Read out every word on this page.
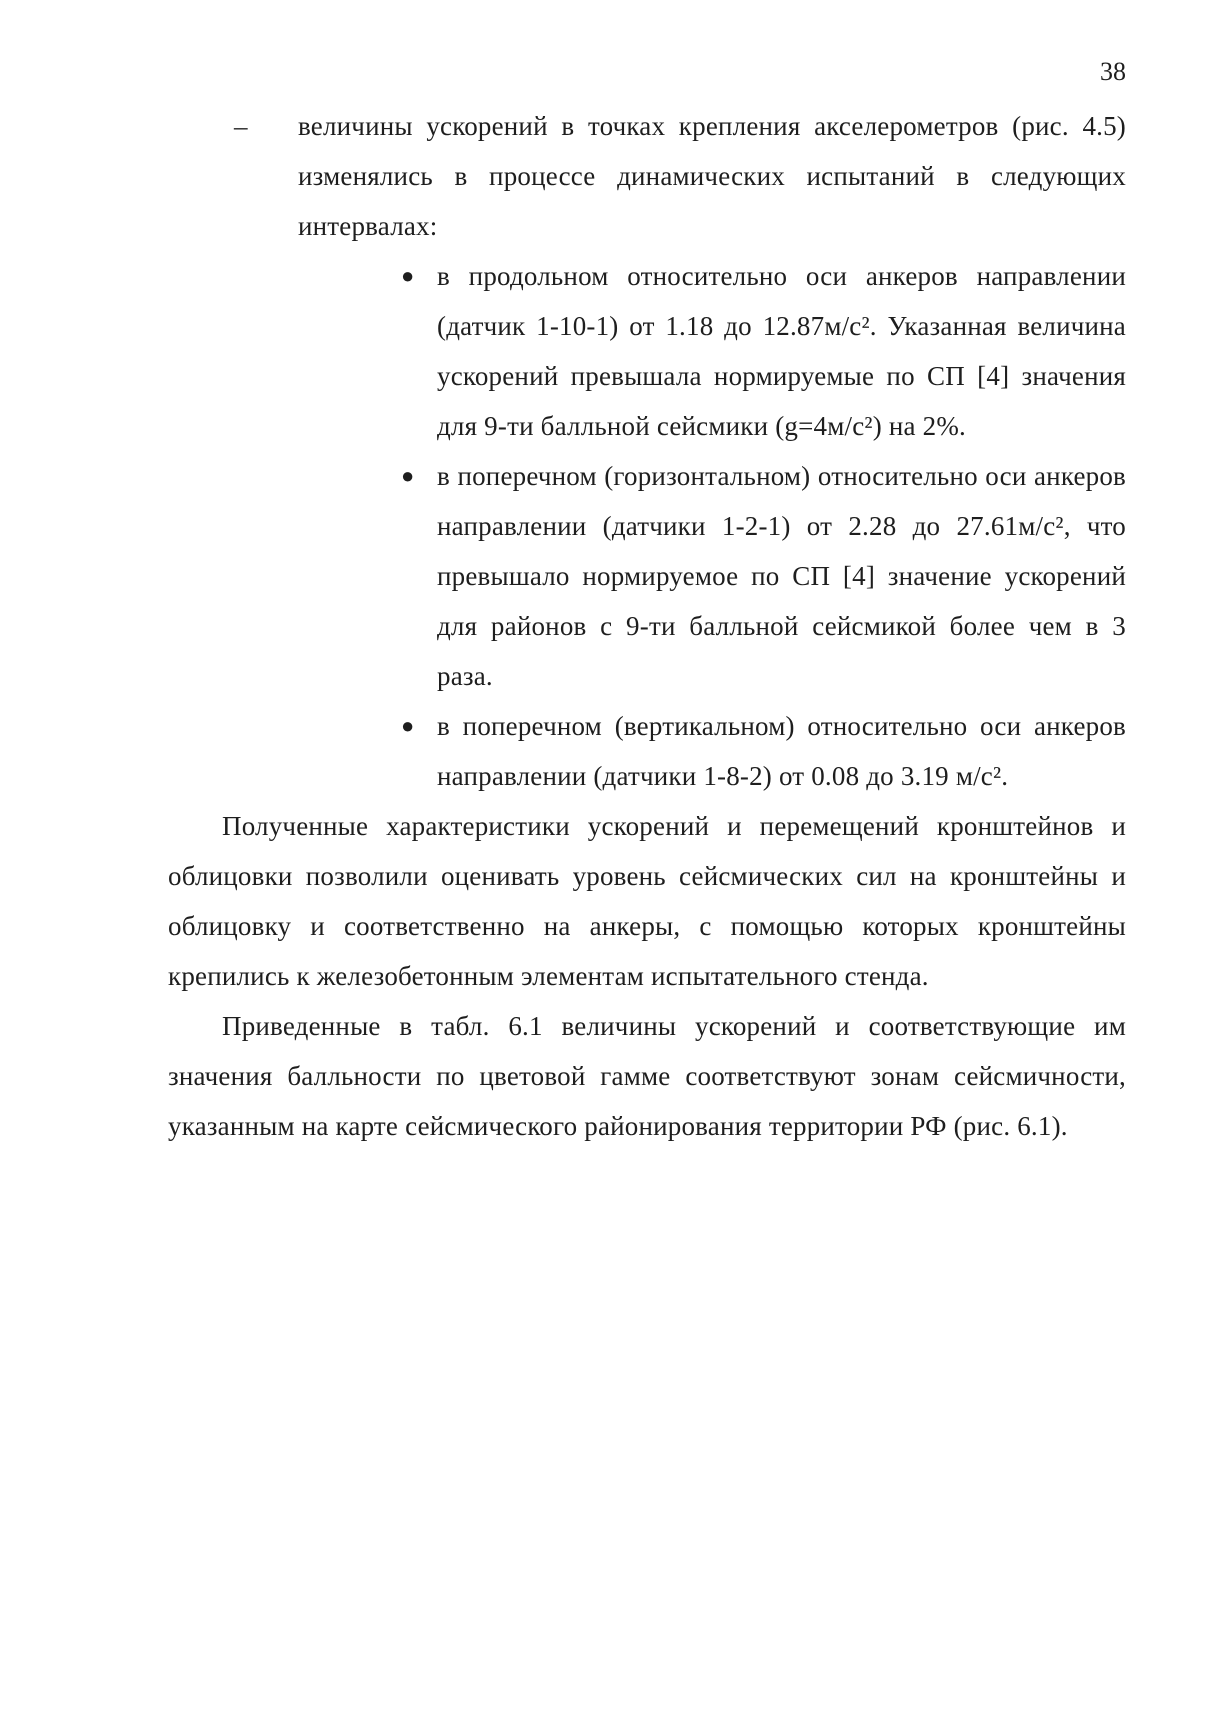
38
– величины ускорений в точках крепления акселерометров (рис. 4.5) изменялись в процессе динамических испытаний в следующих интервалах:
● в продольном относительно оси анкеров направлении (датчик 1-10-1) от 1.18 до 12.87м/с². Указанная величина ускорений превышала нормируемые по СП [4] значения для 9-ти балльной сейсмики (g=4м/с²) на 2%.
● в поперечном (горизонтальном) относительно оси анкеров направлении (датчики 1-2-1) от 2.28 до 27.61м/с², что превышало нормируемое по СП [4] значение ускорений для районов с 9-ти балльной сейсмикой более чем в 3 раза.
● в поперечном (вертикальном) относительно оси анкеров направлении (датчики 1-8-2) от 0.08 до 3.19 м/с².

Полученные характеристики ускорений и перемещений кронштейнов и облицовки позволили оценивать уровень сейсмических сил на кронштейны и облицовку и соответственно на анкеры, с помощью которых кронштейны крепились к железобетонным элементам испытательного стенда.

Приведенные в табл. 6.1 величины ускорений и соответствующие им значения балльности по цветовой гамме соответствуют зонам сейсмичности, указанным на карте сейсмического районирования территории РФ (рис. 6.1).
